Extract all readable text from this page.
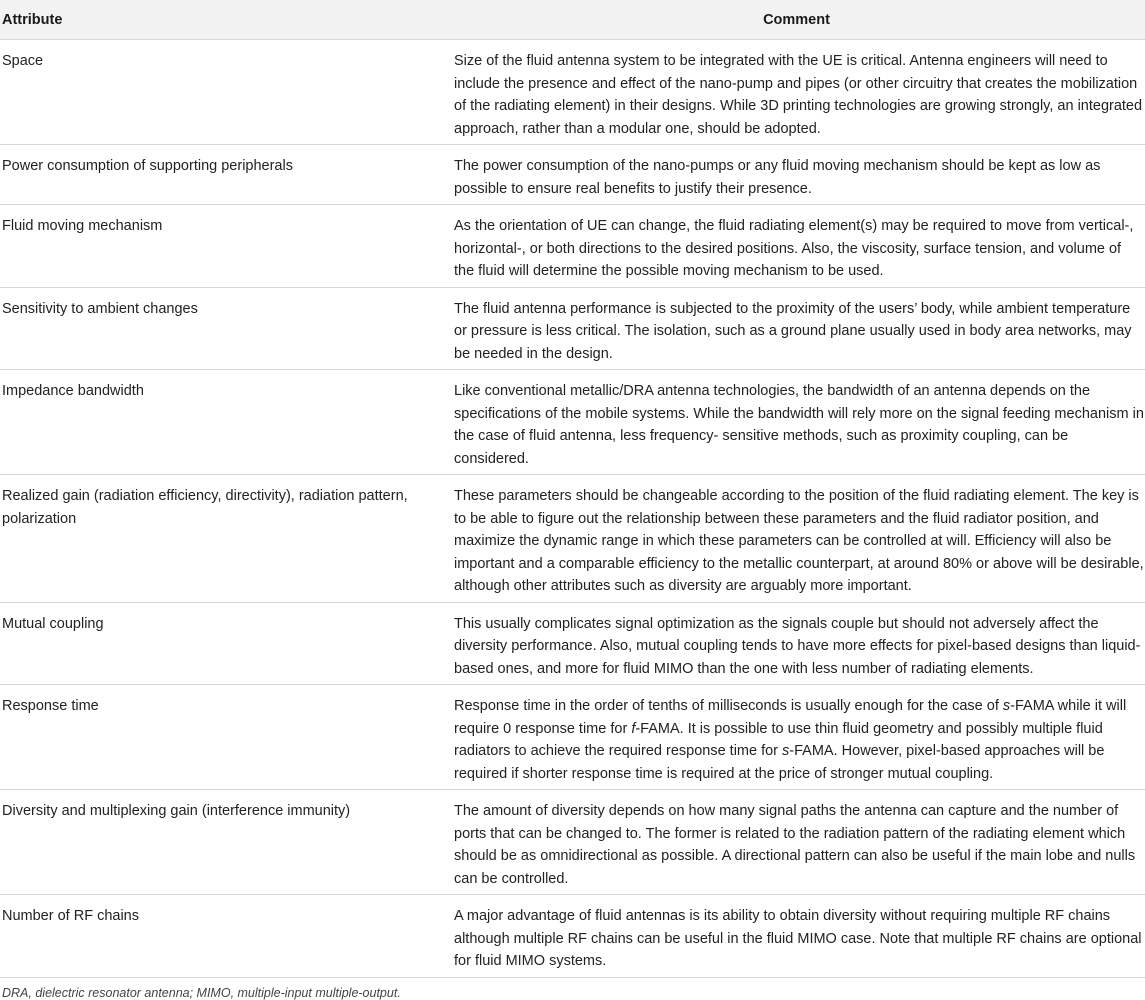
Attribute	Comment
Space	Size of the fluid antenna system to be integrated with the UE is critical. Antenna engineers will need to include the presence and effect of the nano-pump and pipes (or other circuitry that creates the mobilization of the radiating element) in their designs. While 3D printing technologies are growing strongly, an integrated approach, rather than a modular one, should be adopted.
Power consumption of supporting peripherals	The power consumption of the nano-pumps or any fluid moving mechanism should be kept as low as possible to ensure real benefits to justify their presence.
Fluid moving mechanism	As the orientation of UE can change, the fluid radiating element(s) may be required to move from vertical-, horizontal-, or both directions to the desired positions. Also, the viscosity, surface tension, and volume of the fluid will determine the possible moving mechanism to be used.
Sensitivity to ambient changes	The fluid antenna performance is subjected to the proximity of the users’ body, while ambient temperature or pressure is less critical. The isolation, such as a ground plane usually used in body area networks, may be needed in the design.
Impedance bandwidth	Like conventional metallic/DRA antenna technologies, the bandwidth of an antenna depends on the specifications of the mobile systems. While the bandwidth will rely more on the signal feeding mechanism in the case of fluid antenna, less frequency- sensitive methods, such as proximity coupling, can be considered.
Realized gain (radiation efficiency, directivity), radiation pattern, polarization	These parameters should be changeable according to the position of the fluid radiating element. The key is to be able to figure out the relationship between these parameters and the fluid radiator position, and maximize the dynamic range in which these parameters can be controlled at will. Efficiency will also be important and a comparable efficiency to the metallic counterpart, at around 80% or above will be desirable, although other attributes such as diversity are arguably more important.
Mutual coupling	This usually complicates signal optimization as the signals couple but should not adversely affect the diversity performance. Also, mutual coupling tends to have more effects for pixel-based designs than liquid-based ones, and more for fluid MIMO than the one with less number of radiating elements.
Response time	Response time in the order of tenths of milliseconds is usually enough for the case of s-FAMA while it will require 0 response time for f-FAMA. It is possible to use thin fluid geometry and possibly multiple fluid radiators to achieve the required response time for s-FAMA. However, pixel-based approaches will be required if shorter response time is required at the price of stronger mutual coupling.
Diversity and multiplexing gain (interference immunity)	The amount of diversity depends on how many signal paths the antenna can capture and the number of ports that can be changed to. The former is related to the radiation pattern of the radiating element which should be as omnidirectional as possible. A directional pattern can also be useful if the main lobe and nulls can be controlled.
Number of RF chains	A major advantage of fluid antennas is its ability to obtain diversity without requiring multiple RF chains although multiple RF chains can be useful in the fluid MIMO case. Note that multiple RF chains are optional for fluid MIMO systems.
DRA, dielectric resonator antenna; MIMO, multiple-input multiple-output.
